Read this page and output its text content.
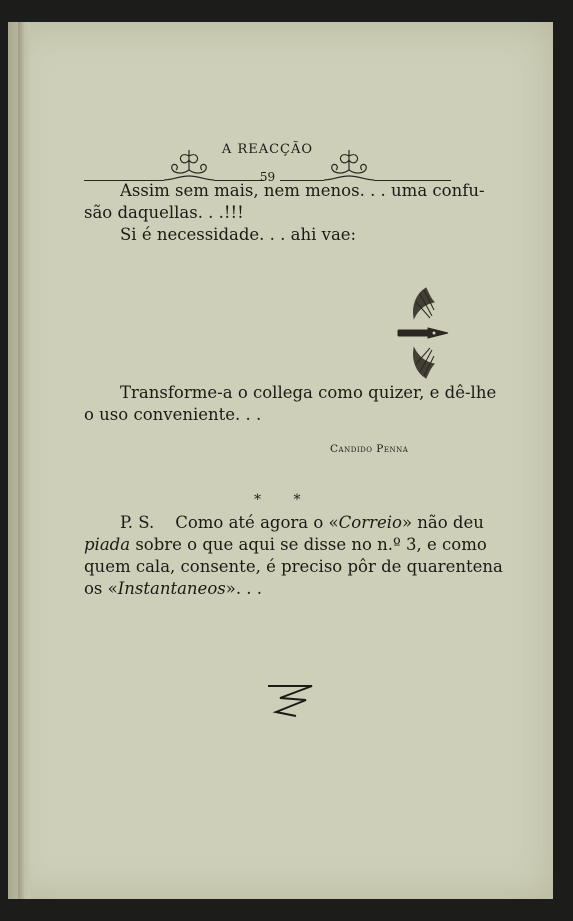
A REACÇÃO
59
Assim sem mais, nem menos. . . uma confu-
são daquellas. . .!!!
Si é necessidade. . . ahi vae:
Transforme-a o collega como quizer, e dê-lhe
o uso conveniente. . .
Candido Penna
* *
P. S. Como até agora o «Correio» não deu
piada sobre o que aqui se disse no n.º 3, e como
quem cala, consente, é preciso pôr de quarentena
os «Instantaneos». . .
